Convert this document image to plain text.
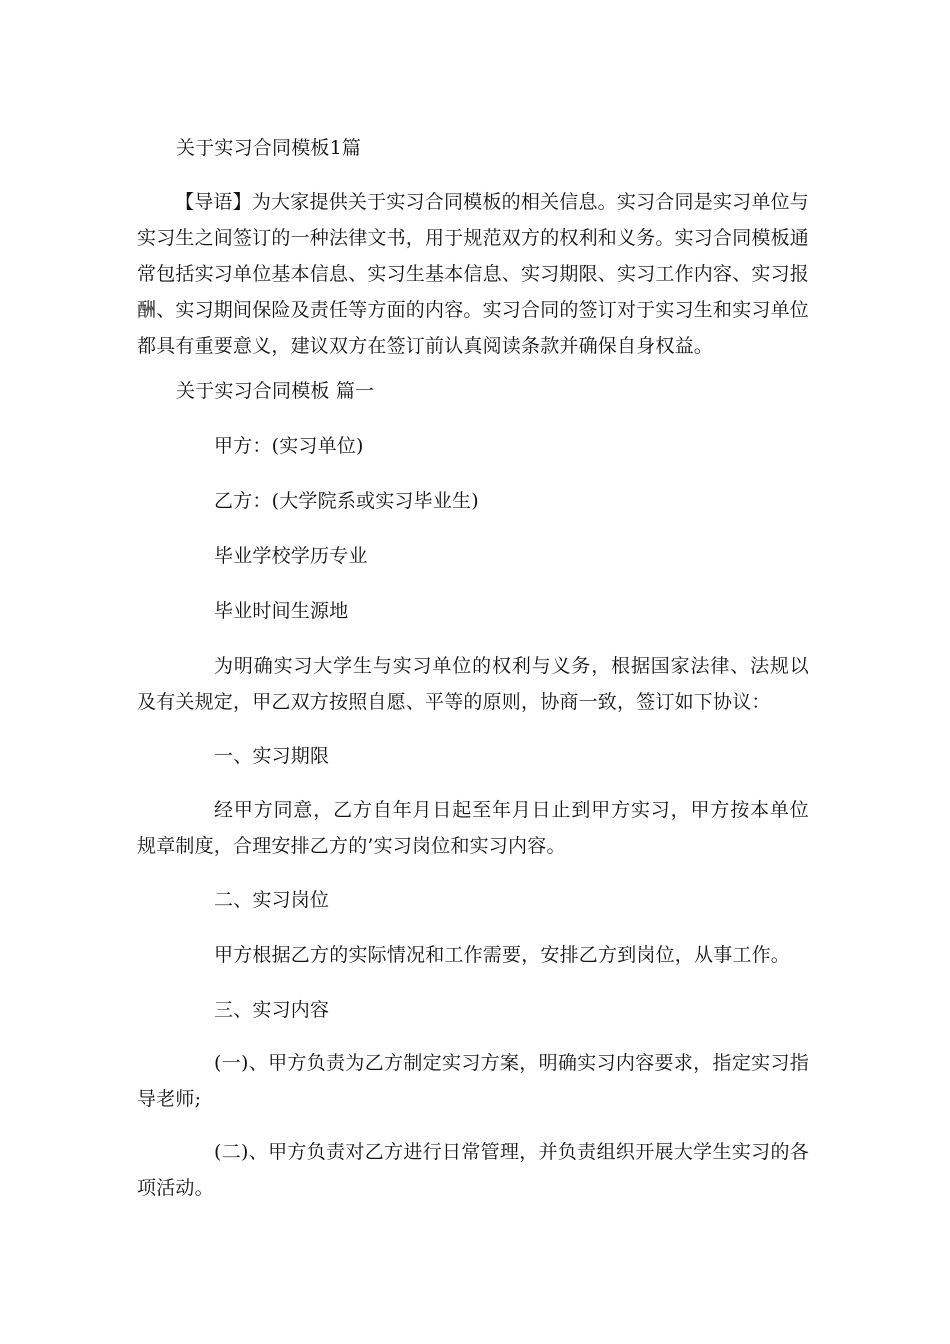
关于实习合同模板1篇

【导语】为大家提供关于实习合同模板的相关信息。实习合同是实习单位与实习生之间签订的一种法律文书，用于规范双方的权利和义务。实习合同模板通常包括实习单位基本信息、实习生基本信息、实习期限、实习工作内容、实习报酬、实习期间保险及责任等方面的内容。实习合同的签订对于实习生和实习单位都具有重要意义，建议双方在签订前认真阅读条款并确保自身权益。

关于实习合同模板 篇一

甲方：(实习单位)

乙方：(大学院系或实习毕业生)

毕业学校学历专业

毕业时间生源地

为明确实习大学生与实习单位的权利与义务，根据国家法律、法规以及有关规定，甲乙双方按照自愿、平等的原则，协商一致，签订如下协议：

一、实习期限

经甲方同意，乙方自年月日起至年月日止到甲方实习，甲方按本单位规章制度，合理安排乙方的’实习岗位和实习内容。

二、实习岗位

甲方根据乙方的实际情况和工作需要，安排乙方到岗位，从事工作。

三、实习内容

(一)、甲方负责为乙方制定实习方案，明确实习内容要求，指定实习指导老师;

(二)、甲方负责对乙方进行日常管理，并负责组织开展大学生实习的各项活动。
